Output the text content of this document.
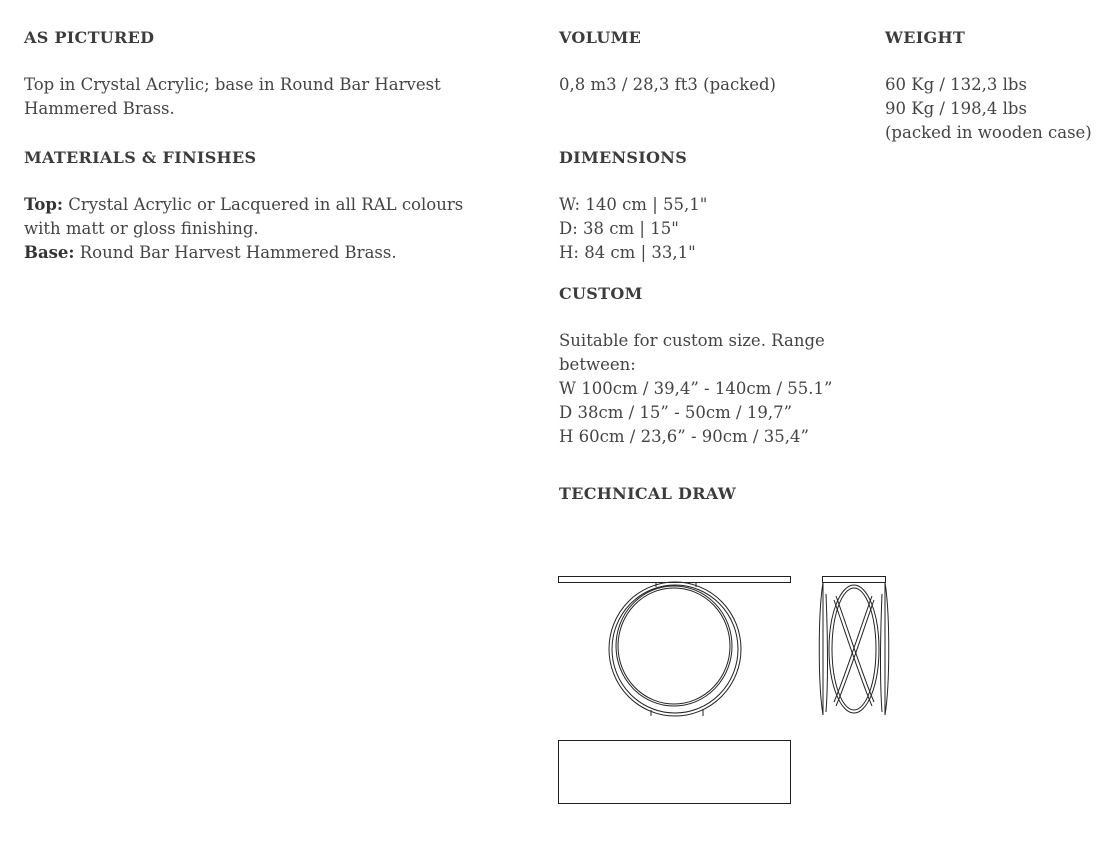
AS PICTURED

Top in Crystal Acrylic; base in Round Bar Harvest
Hammered Brass.

MATERIALS & FINISHES

Top: Crystal Acrylic or Lacquered in all RAL colours
with matt or gloss finishing.
Base: Round Bar Harvest Hammered Brass.

VOLUME

0,8 m3 / 28,3 ft3 (packed)

DIMENSIONS

W: 140 cm | 55,1"
D: 38 cm | 15"
H: 84 cm | 33,1"

CUSTOM

Suitable for custom size. Range
between:
W 100cm / 39,4” - 140cm / 55.1”
D 38cm / 15” - 50cm / 19,7”
H 60cm / 23,6” - 90cm / 35,4”

TECHNICAL DRAW
WEIGHT

60 Kg / 132,3 lbs
90 Kg / 198,4 lbs
(packed in wooden case)
